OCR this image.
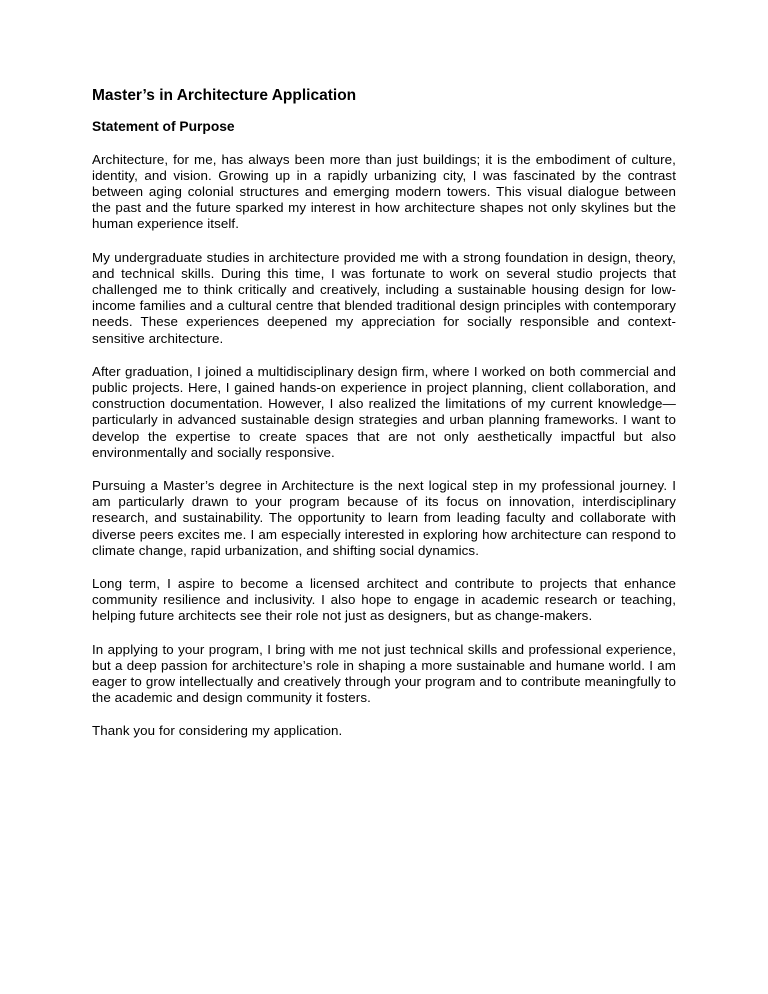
Master’s in Architecture Application
Statement of Purpose

Architecture, for me, has always been more than just buildings; it is the embodiment of culture, identity, and vision. Growing up in a rapidly urbanizing city, I was fascinated by the contrast between aging colonial structures and emerging modern towers. This visual dialogue between the past and the future sparked my interest in how architecture shapes not only skylines but the human experience itself.

My undergraduate studies in architecture provided me with a strong foundation in design, theory, and technical skills. During this time, I was fortunate to work on several studio projects that challenged me to think critically and creatively, including a sustainable housing design for low-income families and a cultural centre that blended traditional design principles with contemporary needs. These experiences deepened my appreciation for socially responsible and context-sensitive architecture.

After graduation, I joined a multidisciplinary design firm, where I worked on both commercial and public projects. Here, I gained hands-on experience in project planning, client collaboration, and construction documentation. However, I also realized the limitations of my current knowledge—particularly in advanced sustainable design strategies and urban planning frameworks. I want to develop the expertise to create spaces that are not only aesthetically impactful but also environmentally and socially responsive.

Pursuing a Master’s degree in Architecture is the next logical step in my professional journey. I am particularly drawn to your program because of its focus on innovation, interdisciplinary research, and sustainability. The opportunity to learn from leading faculty and collaborate with diverse peers excites me. I am especially interested in exploring how architecture can respond to climate change, rapid urbanization, and shifting social dynamics.

Long term, I aspire to become a licensed architect and contribute to projects that enhance community resilience and inclusivity. I also hope to engage in academic research or teaching, helping future architects see their role not just as designers, but as change-makers.

In applying to your program, I bring with me not just technical skills and professional experience, but a deep passion for architecture’s role in shaping a more sustainable and humane world. I am eager to grow intellectually and creatively through your program and to contribute meaningfully to the academic and design community it fosters.

Thank you for considering my application.
